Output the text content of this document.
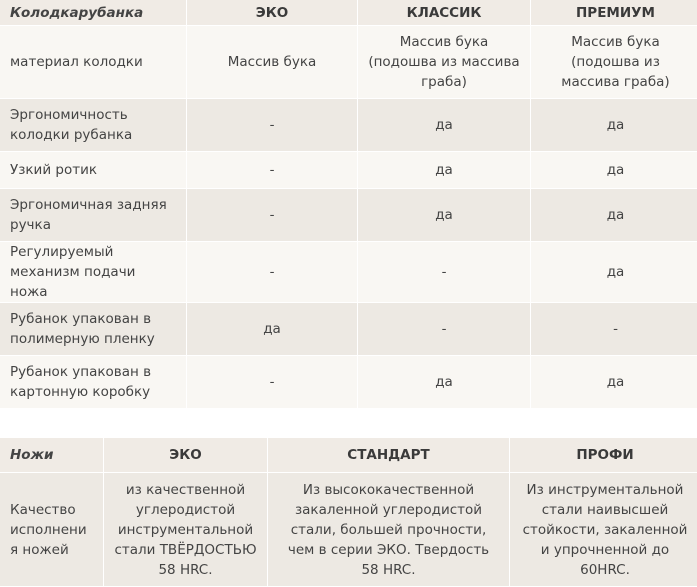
Колодкарубанка	ЭКО	КЛАССИК	ПРЕМИУМ
материал колодки	Массив бука	Массив бука (подошва из массива граба)	Массив бука (подошва из массива граба)
Эргономичность колодки рубанка	-	да	да
Узкий ротик	-	да	да
Эргономичная задняя ручка	-	да	да
Регулируемый механизм подачи ножа	-	-	да
Рубанок упакован в полимерную пленку	да	-	-
Рубанок упакован в картонную коробку	-	да	да
Ножи	ЭКО	СТАНДАРТ	ПРОФИ
Качество исполнения ножей	из качественной углеродистой инструментальной стали ТВЁРДОСТЬЮ 58 HRC.	Из высококачественной закаленной углеродистой стали, большей прочности, чем в серии ЭКО. Твердость 58 HRC.	Из инструментальной стали наивысшей стойкости, закаленной и упрочненной до 60HRC.
